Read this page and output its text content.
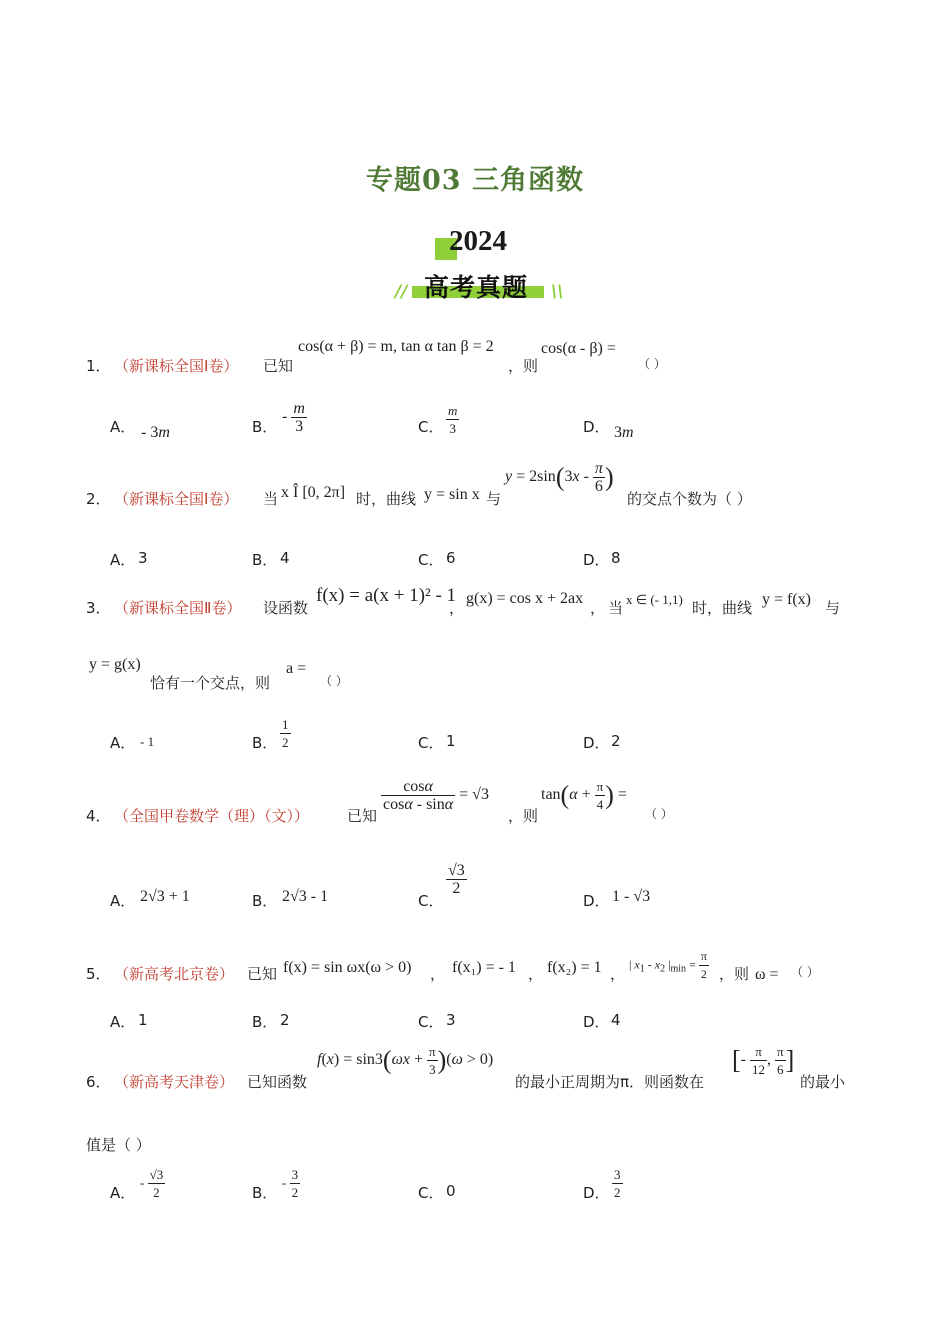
专题03 三角函数
2024
// 高考真题 \\
1． （新课标全国Ⅰ卷） 已知
cos(α + β) = m, tan α tan β = 2
，则
cos(α - β) =
（ ）
A． - 3m	B．
- $\frac{m}{3}$	C． $\frac{m}{3}$	D． 3m
2． （新课标全国Ⅰ卷） 当 x Î [0, 2π] 时，曲线 y = sin x 与
$y = 2\sin(3x - \frac{\pi}{6}$ )
的交点个数为（ ）
A． 3	B． 4	C． 6	D． 8
3． （新课标全国Ⅱ卷） 设函数
f(x) = a(x + 1)² - 1
，
g(x) = cos x + 2ax
， 当 x ∈ (- 1,1) 时，曲线 y = f(x) 与
y = g(x)
恰有一个交点，则
a =
（ ）
A． - 1	B． $\frac{1}{2}$	C． 1	D． 2
4． （全国甲卷数学（理）（文））	已知
$\frac{\cos\alpha}{\cos\alpha - \sin\alpha} = √3$
，则
$\tan(\alpha + \frac{\pi}{4}$ ) =
（ ）
A． 2√3 + 1	B． 2√3 - 1	C．
$\frac{√3}{2}$
D． 1 - √3
5． （新高考北京卷） 已知 f(x) = sin ωx(ω > 0) ， f(x₁) = - 1 ， f(x₂) = 1 ，
| $x_1 - x_2$ $|_{min} = \frac{\pi}{2}$ ，则 ω = （ ）
A． 1	B． 2	C． 3	D． 4
6． （新高考天津卷） 已知函数
$f(x) = \sin 3(\omega x + \frac{\pi}{3} )(\omega > 0)$
的最小正周期为π．则函数在
[- $\frac{\pi}{12}$ , $\frac{\pi}{6}$ ]
的最小
值是（ ）
A．
- $\frac{√3}{2}$	B．
- $\frac{3}{2}$	C． 0	D． $\frac{3}{2}$
